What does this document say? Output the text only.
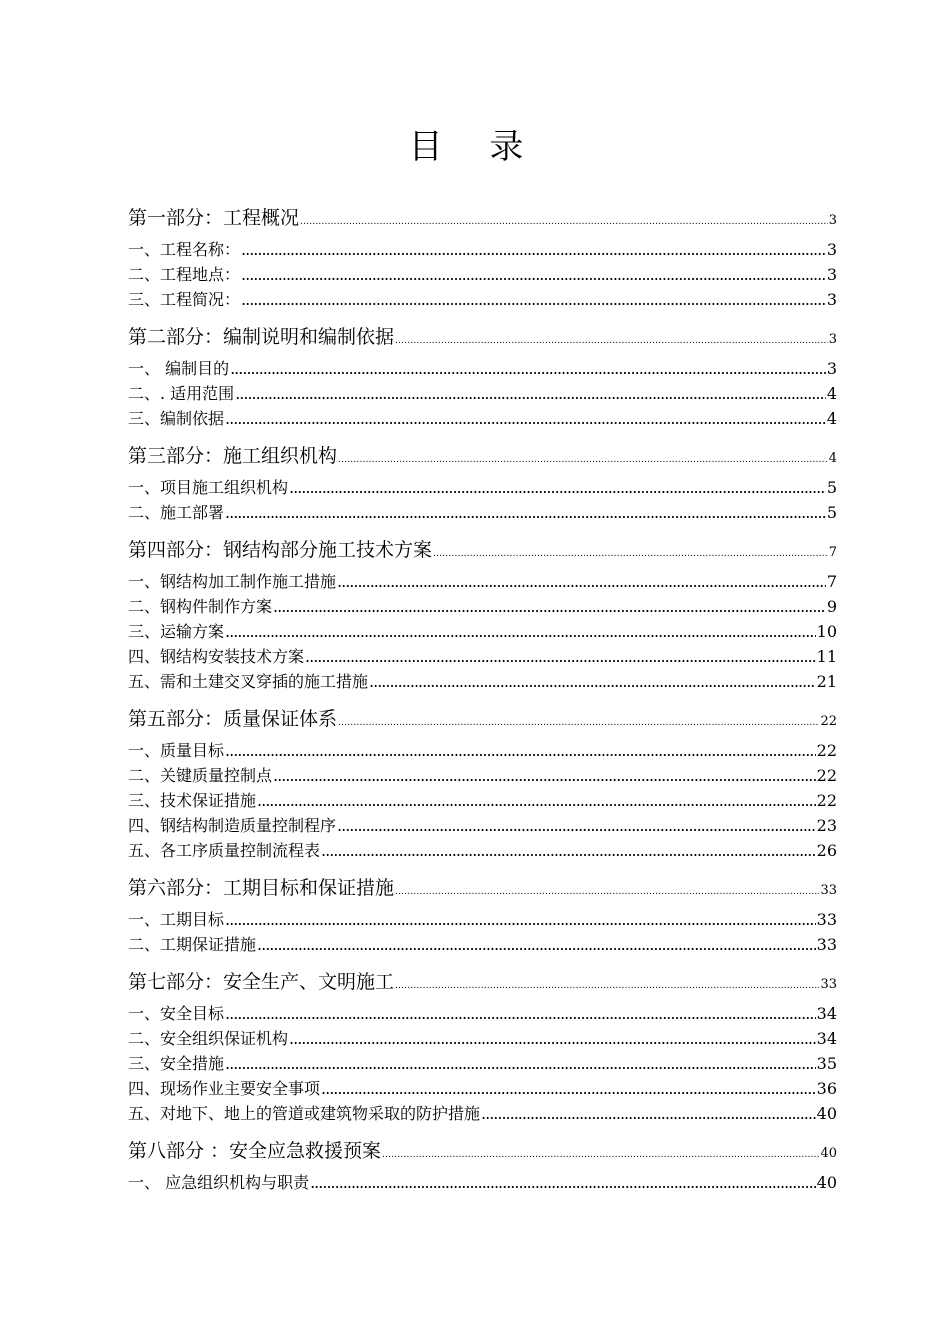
目 录
第一部分：工程概况 .....	3
一、工程名称： .....	3
二、工程地点： .....	3
三、工程简况： .....	3
第二部分：编制说明和编制依据 .....	3
一、 编制目的 .....	3
二、. 适用范围 .....	4
三、编制依据 .....	4
第三部分：施工组织机构 .....	4
一、项目施工组织机构 .....	5
二、施工部署 .....	5
第四部分：钢结构部分施工技术方案 .....	7
一、钢结构加工制作施工措施 .....	7
二、钢构件制作方案 .....	9
三、运输方案 .....	10
四、钢结构安装技术方案 .....	11
五、需和土建交叉穿插的施工措施 .....	21
第五部分：质量保证体系 .....	22
一、质量目标 .....	22
二、关键质量控制点 .....	22
三、技术保证措施 .....	22
四、钢结构制造质量控制程序 .....	23
五、各工序质量控制流程表 .....	26
第六部分：工期目标和保证措施 .....	33
一、工期目标 .....	33
二、工期保证措施 .....	33
第七部分：安全生产、文明施工 .....	33
一、安全目标 .....	34
二、安全组织保证机构 .....	34
三、安全措施 .....	35
四、现场作业主要安全事项 .....	36
五、对地下、地上的管道或建筑物采取的防护措施 .....	40
第八部分 ：安全应急救援预案 .....	40
一、 应急组织机构与职责 .....	40
